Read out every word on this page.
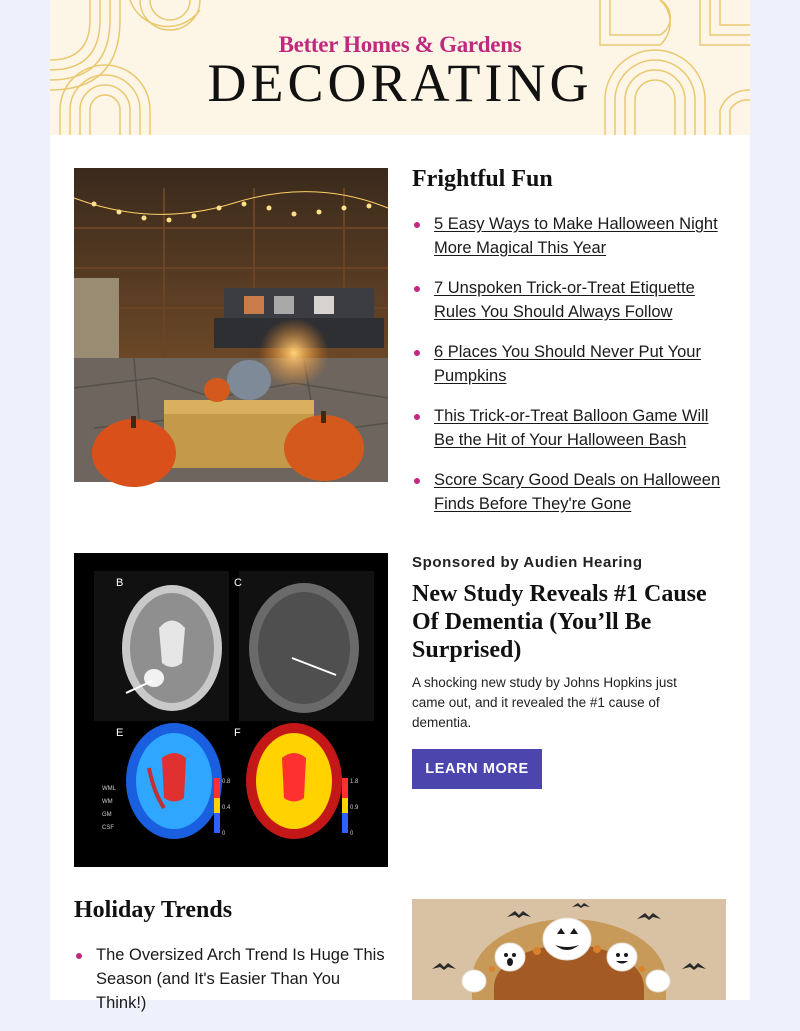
Better Homes & Gardens
DECORATING
Frightful Fun
5 Easy Ways to Make Halloween Night More Magical This Year
7 Unspoken Trick-or-Treat Etiquette Rules You Should Always Follow
6 Places You Should Never Put Your Pumpkins
This Trick-or-Treat Balloon Game Will Be the Hit of Your Halloween Bash
Score Scary Good Deals on Halloween Finds Before They're Gone
B	C
E	F
WML
WM
GM
CSF
0.8
0.4
0
1.8
0.9
0
Sponsored by Audien Hearing
New Study Reveals #1 Cause Of Dementia (You’ll Be Surprised)
A shocking new study by Johns Hopkins just came out, and it revealed the #1 cause of dementia.
LEARN MORE
Holiday Trends
The Oversized Arch Trend Is Huge This Season (and It's Easier Than You Think!)
